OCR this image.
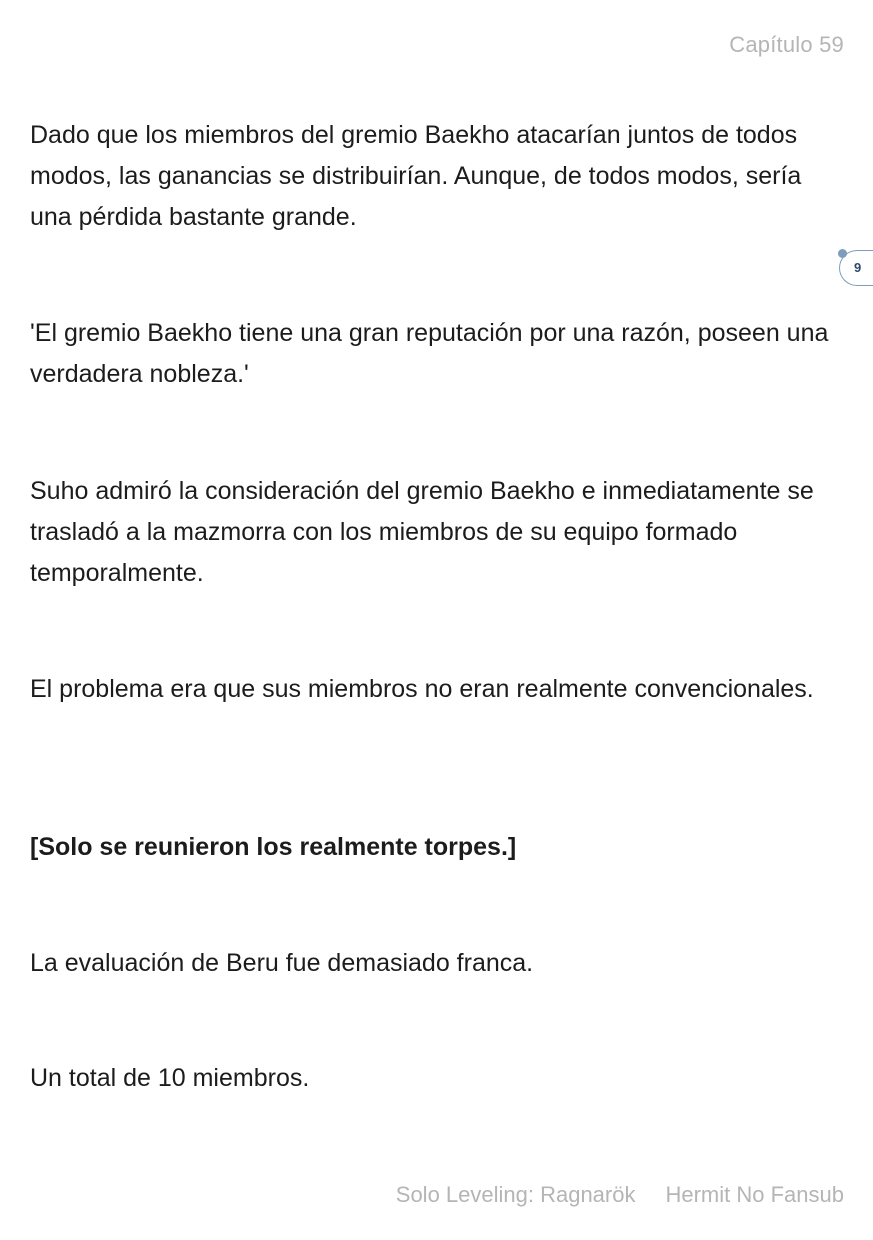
Capítulo 59

Dado que los miembros del gremio Baekho atacarían juntos de todos modos, las ganancias se distribuirían. Aunque, de todos modos, sería una pérdida bastante grande.

'El gremio Baekho tiene una gran reputación por una razón, poseen una verdadera nobleza.'

Suho admiró la consideración del gremio Baekho e inmediatamente se trasladó a la mazmorra con los miembros de su equipo formado temporalmente.

El problema era que sus miembros no eran realmente convencionales.

[Solo se reunieron los realmente torpes.]

La evaluación de Beru fue demasiado franca.

Un total de 10 miembros.

9
Solo Leveling: Ragnarök Hermit No Fansub
